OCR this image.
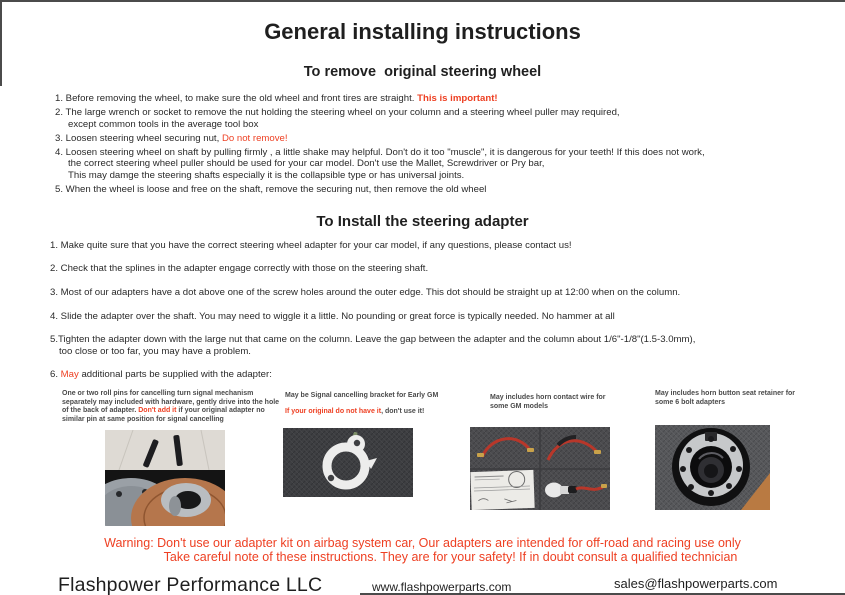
General installing instructions
To remove  original steering wheel
1. Before removing the wheel, to make sure the old wheel and front tires are straight. This is important!
2. The large wrench or socket to remove the nut holding the steering wheel on your column and a steering wheel puller may required,
except common tools in the average tool box
3. Loosen steering wheel securing nut, Do not remove!
4. Loosen steering wheel on shaft by pulling firmly , a little shake may helpful. Don't do it too "muscle", it is dangerous for your teeth! If this does not work,
the correct steering wheel puller should be used for your car model. Don't use the Mallet, Screwdriver or Pry bar,
This may damge the steering shafts especially it is the collapsible type or has universal joints.
5. When the wheel is loose and free on the shaft, remove the securing nut, then remove the old wheel
To Install the steering adapter
1. Make quite sure that you have the correct steering wheel adapter for your car model, if any questions, please contact us!
2. Check that the splines in the adapter engage correctly with those on the steering shaft.
3. Most of our adapters have a dot above one of the screw holes around the outer edge. This dot should be straight up at 12:00 when on the column.
4. Slide the adapter over the shaft. You may need to wiggle it a little. No pounding or great force is typically needed. No hammer at all
5.Tighten the adapter down with the large nut that came on the column. Leave the gap between the adapter and the column about 1/6"-1/8"(1.5-3.0mm),
too close or too far, you may have a problem.
6. May additional parts be supplied with the adapter:
One or two roll pins for cancelling turn signal mechanism separately may included with hardware, gently drive into the hole of the back of adapter. Don't add it if your original adapter no similar pin at same position for signal cancelling
May be Signal cancelling bracket for Early GM
If your original do not have it, don't use it!
May includes horn contact wire for some GM models
May includes horn button seat retainer for some 6 bolt adapters
Warning: Don't use our adapter kit on airbag system car, Our adapters are intended for off-road and racing use only
Take careful note of these instructions. They are for your safety! If in doubt consult a qualified technician
Flashpower Performance LLC	www.flashpowerparts.com	sales@flashpowerparts.com
